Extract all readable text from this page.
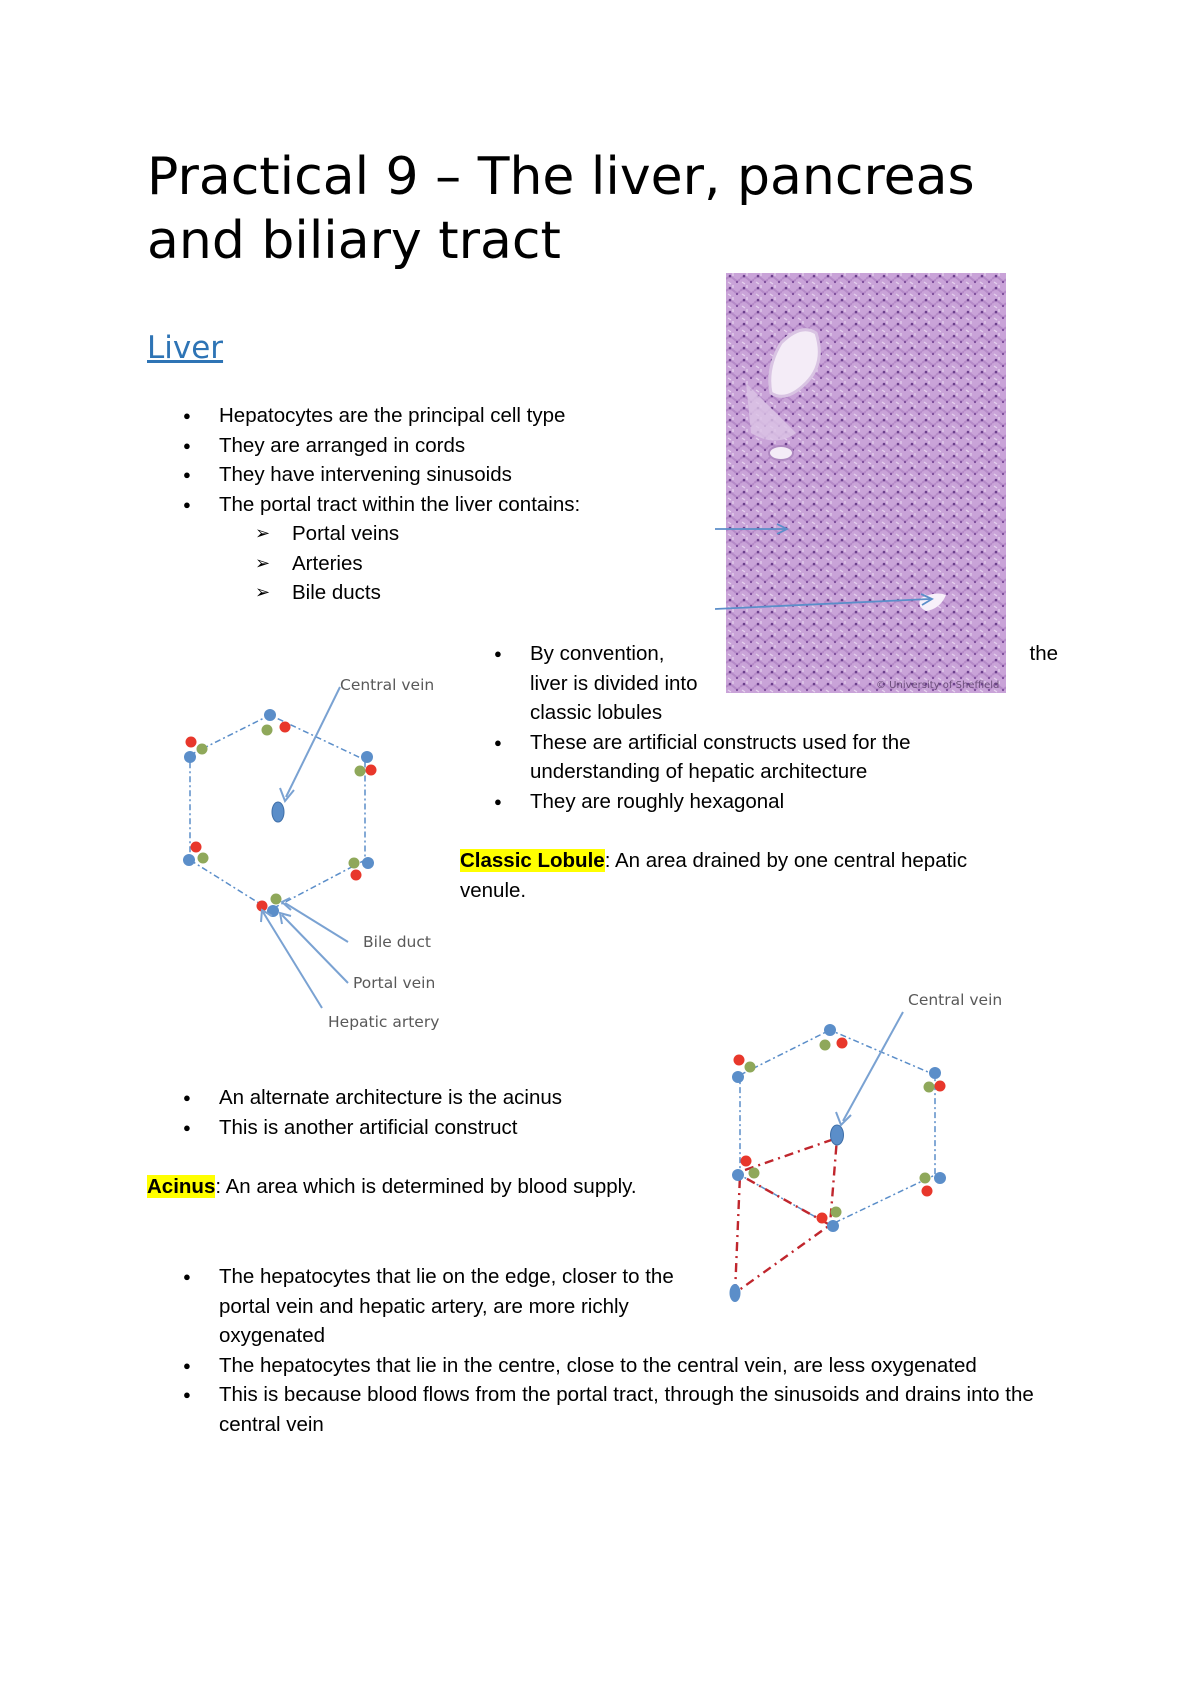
Practical 9 – The liver, pancreas and biliary tract
Liver
● Hepatocytes are the principal cell type
● They are arranged in cords
● They have intervening sinusoids
● The portal tract within the liver contains:
➢ Portal veins
➢ Arteries
➢ Bile ducts
© University of Sheffield
● By convention,	the
liver is divided into classic lobules
● These are artificial constructs used for the understanding of hepatic architecture
● They are roughly hexagonal
Classic Lobule: An area drained by one central hepatic venule.
Central vein
Bile duct
Portal vein
Hepatic artery
● An alternate architecture is the acinus
● This is another artificial construct
Acinus: An area which is determined by blood supply.
Central vein
● The hepatocytes that lie on the edge, closer to the portal vein and hepatic artery, are more richly oxygenated
● The hepatocytes that lie in the centre, close to the central vein, are less oxygenated
● This is because blood flows from the portal tract, through the sinusoids and drains into the central vein
